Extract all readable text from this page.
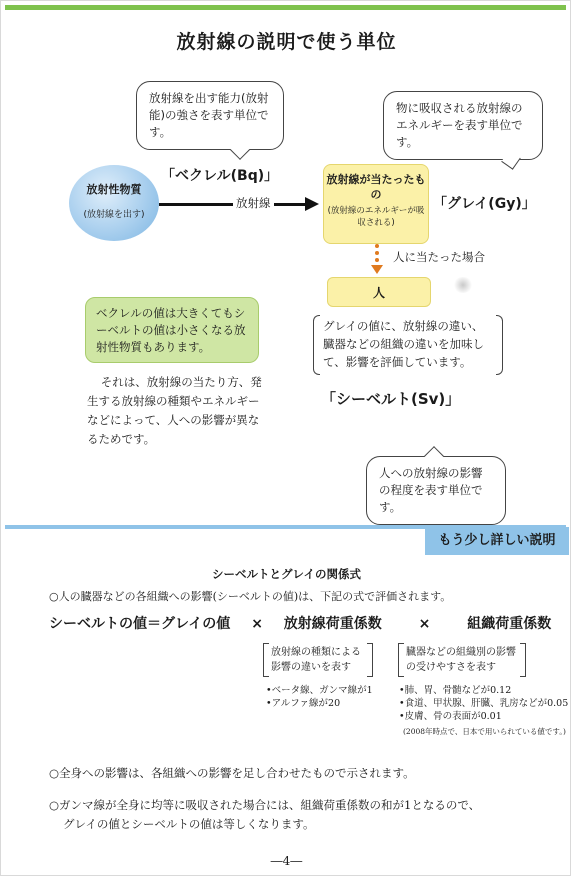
放射線の説明で使う単位
放射線を出す能力(放射能)の強さを表す単位です。
物に吸収される放射線のエネルギーを表す単位です。
「ベクレル(Bq)」
放射性物質
(放射線を出す)
放射線
放射線が当たったもの
(放射線のエネルギーが吸収される)
「グレイ(Gy)」
人に当たった場合
人
グレイの値に、放射線の違い、臓器などの組織の違いを加味して、影響を評価しています。
ベクレルの値は大きくてもシーベルトの値は小さくなる放射性物質もあります。

それは、放射線の当たり方、発生する放射線の種類やエネルギーなどによって、人への影響が異なるためです。

「シーベルト(Sv)」
人への放射線の影響の程度を表す単位です。
もう少し詳しい説明
シーベルトとグレイの関係式
○人の臓器などの各組織への影響(シーベルトの値)は、下記の式で評価されます。
シーベルトの値＝グレイの値 × 放射線荷重係数	×	組織荷重係数
放射線の種類による影響の違いを表す
臓器などの組織別の影響の受けやすさを表す
•ベータ線、ガンマ線が1
•アルファ線が20
•肺、胃、骨髄などが0.12
•食道、甲状腺、肝臓、乳房などが0.05
•皮膚、骨の表面が0.01
(2008年時点で、日本で用いられている値です。)
○全身への影響は、各組織への影響を足し合わせたもので示されます。
○ガンマ線が全身に均等に吸収された場合には、組織荷重係数の和が1となるので、
グレイの値とシーベルトの値は等しくなります。
―4―
